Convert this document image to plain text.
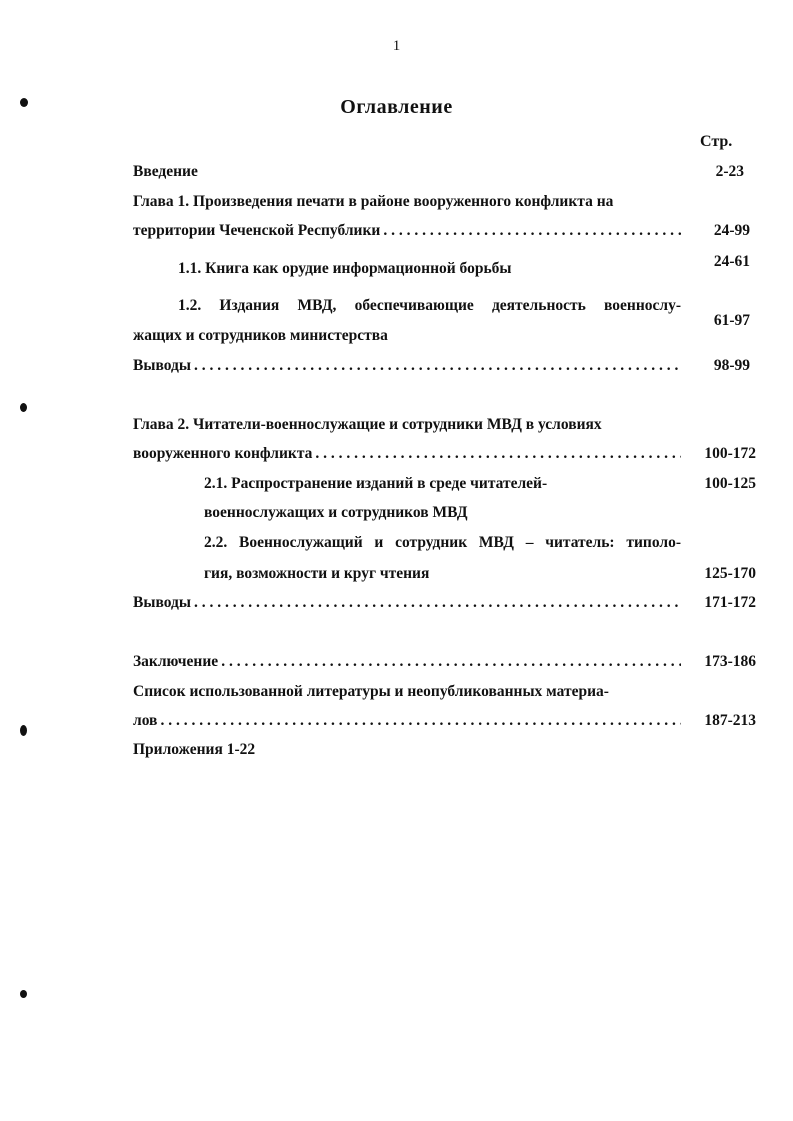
1
Оглавление
Стр.
Введение	2-23
Глава 1. Произведения печати в районе вооруженного конфликта на
территории Чеченской Республики . . .	24-99
1.1. Книга как орудие информационной борьбы	24-61
1.2. Издания МВД, обеспечивающие деятельность военнослу-
жащих и сотрудников министерства
61-97
Выводы . . .	98-99
Глава 2. Читатели-военнослужащие и сотрудники МВД в условиях
вооруженного конфликта . . .	100-172
2.1. Распространение изданий в среде читателей-
военнослужащих и сотрудников МВД
100-125
2.2. Военнослужащий и сотрудник МВД – читатель: типоло-
гия, возможности и круг чтения	125-170
Выводы . . .	171-172
Заключение . . .	173-186
Список использованной литературы и неопубликованных материа-
лов . . .	187-213
Приложения 1-22
